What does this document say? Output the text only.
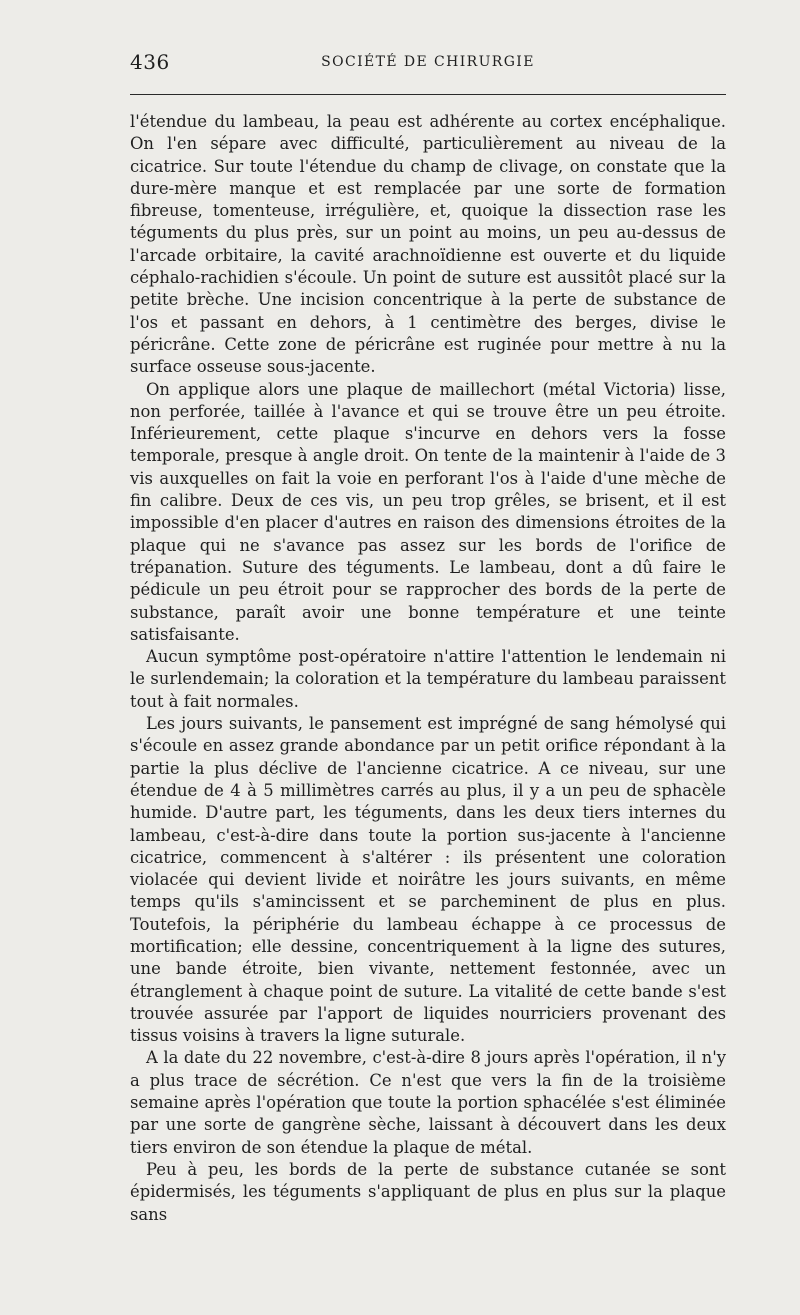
436	SOCIÉTÉ DE CHIRURGIE

l'étendue du lambeau, la peau est adhérente au cortex encéphalique. On l'en sépare avec difficulté, particulièrement au niveau de la cicatrice. Sur toute l'étendue du champ de clivage, on constate que la dure-mère manque et est remplacée par une sorte de formation fibreuse, tomenteuse, irrégulière, et, quoique la dissection rase les téguments du plus près, sur un point au moins, un peu au-dessus de l'arcade orbitaire, la cavité arachnoïdienne est ouverte et du liquide céphalo-rachidien s'écoule. Un point de suture est aussitôt placé sur la petite brèche. Une incision concentrique à la perte de substance de l'os et passant en dehors, à 1 centimètre des berges, divise le péricrâne. Cette zone de péricrâne est ruginée pour mettre à nu la surface osseuse sous-jacente.

On applique alors une plaque de maillechort (métal Victoria) lisse, non perforée, taillée à l'avance et qui se trouve être un peu étroite. Inférieurement, cette plaque s'incurve en dehors vers la fosse temporale, presque à angle droit. On tente de la maintenir à l'aide de 3 vis auxquelles on fait la voie en perforant l'os à l'aide d'une mèche de fin calibre. Deux de ces vis, un peu trop grêles, se brisent, et il est impossible d'en placer d'autres en raison des dimensions étroites de la plaque qui ne s'avance pas assez sur les bords de l'orifice de trépanation. Suture des téguments. Le lambeau, dont a dû faire le pédicule un peu étroit pour se rapprocher des bords de la perte de substance, paraît avoir une bonne température et une teinte satisfaisante.

Aucun symptôme post-opératoire n'attire l'attention le lendemain ni le surlendemain; la coloration et la température du lambeau paraissent tout à fait normales.

Les jours suivants, le pansement est imprégné de sang hémolysé qui s'écoule en assez grande abondance par un petit orifice répondant à la partie la plus déclive de l'ancienne cicatrice. A ce niveau, sur une étendue de 4 à 5 millimètres carrés au plus, il y a un peu de sphacèle humide. D'autre part, les téguments, dans les deux tiers internes du lambeau, c'est-à-dire dans toute la portion sus-jacente à l'ancienne cicatrice, commencent à s'altérer : ils présentent une coloration violacée qui devient livide et noirâtre les jours suivants, en même temps qu'ils s'amincissent et se parcheminent de plus en plus. Toutefois, la périphérie du lambeau échappe à ce processus de mortification; elle dessine, concentriquement à la ligne des sutures, une bande étroite, bien vivante, nettement festonnée, avec un étranglement à chaque point de suture. La vitalité de cette bande s'est trouvée assurée par l'apport de liquides nourriciers provenant des tissus voisins à travers la ligne suturale.

A la date du 22 novembre, c'est-à-dire 8 jours après l'opération, il n'y a plus trace de sécrétion. Ce n'est que vers la fin de la troisième semaine après l'opération que toute la portion sphacélée s'est éliminée par une sorte de gangrène sèche, laissant à découvert dans les deux tiers environ de son étendue la plaque de métal.

Peu à peu, les bords de la perte de substance cutanée se sont épidermisés, les téguments s'appliquant de plus en plus sur la plaque sans
